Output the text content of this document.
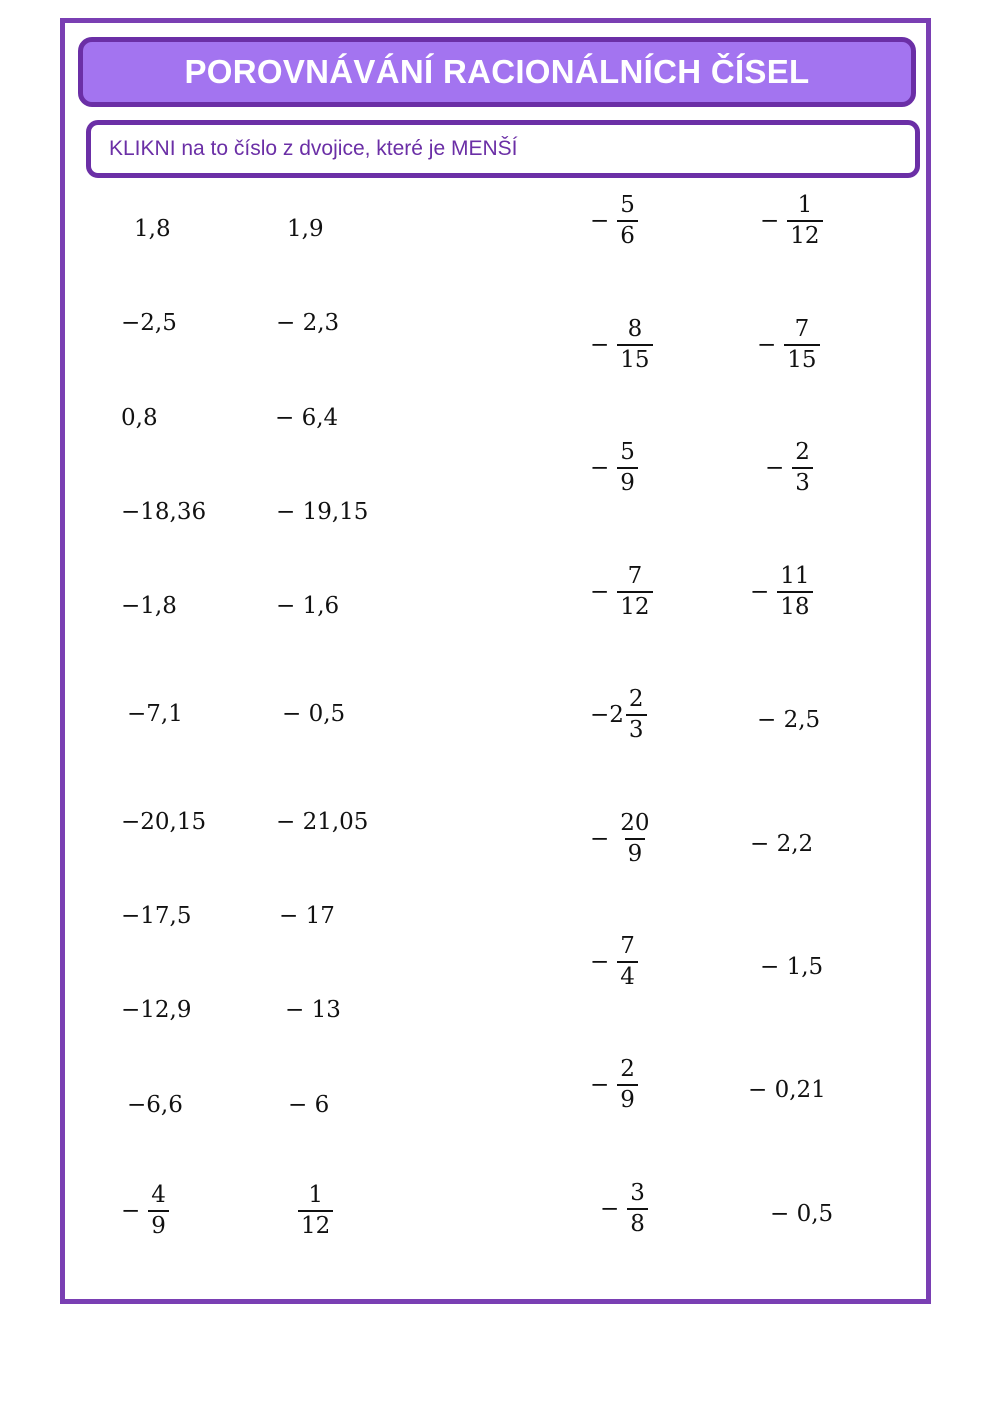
POROVNÁVÁNÍ RACIONÁLNÍCH ČÍSEL
KLIKNI na to číslo z dvojice, které je MENŠÍ
1,8	1,9
−2,5	− 2,3
0,8	− 6,4
−18,36	− 19,15
−1,8	− 1,6
−7,1	− 0,5
−20,15	− 21,05
−17,5	− 17
−12,9	− 13
−6,6	− 6
− $\frac{4}{9}$	$\frac{1}{12}$
− $\frac{5}{6}$	− $\frac{1}{12}$
− $\frac{8}{15}$	− $\frac{7}{15}$
− $\frac{5}{9}$	− $\frac{2}{3}$
− $\frac{7}{12}$	− $\frac{11}{18}$
− $2 \frac{2}{3}$	− 2,5
− $\frac{20}{9}$	− 2,2
− $\frac{7}{4}$	− 1,5
− $\frac{2}{9}$	− 0,21
− $\frac{3}{8}$	− 0,5
